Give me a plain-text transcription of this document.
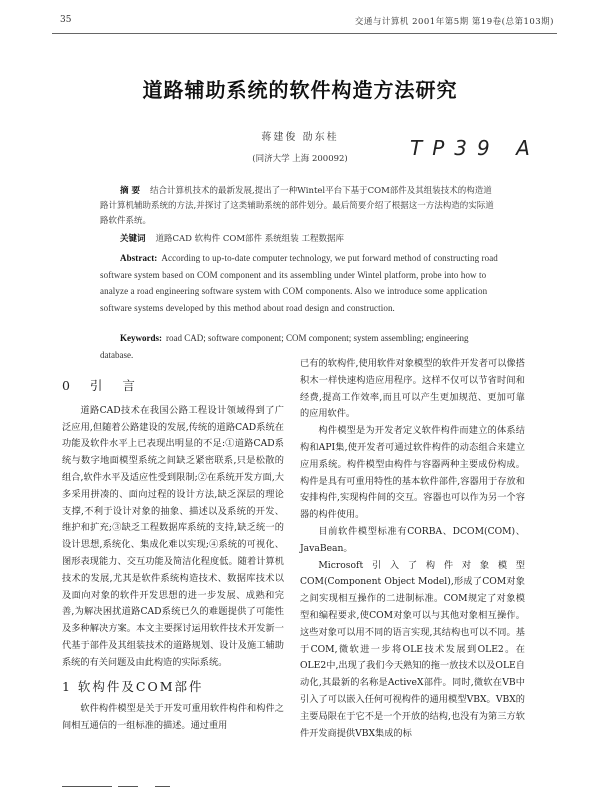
35	交通与计算机 2001年第5期 第19卷(总第103期)
道路辅助系统的软件构造方法研究
蒋建俊 劭东桂
(同济大学 上海 200092)	TP39 A
摘 要 结合计算机技术的最新发展,提出了一种Wintel平台下基于COM部件及其组装技术的构造道路计算机辅助系统的方法,并探讨了这类辅助系统的部件划分。最后简要介绍了根据这一方法构造的实际道路软件系统。
关键词 道路CAD 软构件 COM部件 系统组装 工程数据库
Abstract: According to up-to-date computer technology, we put forward method of constructing road software system based on COM component and its assembling under Wintel platform, probe into how to analyze a road engineering software system with COM components. Also we introduce some application software systems developed by this method about road design and construction.
Keywords: road CAD; software component; COM component; system assembling; engineering database.
0 引 言

道路CAD技术在我国公路工程设计领域得到了广泛应用,但随着公路建设的发展,传统的道路CAD系统在功能及软件水平上已表现出明显的不足:①道路CAD系统与数字地面模型系统之间缺乏紧密联系,只是松散的组合,软件水平及适应性受到限制;②在系统开发方面,大多采用拼凑的、面向过程的设计方法,缺乏深层的理论支撑,不利于设计对象的抽象、描述以及系统的开发、维护和扩充;③缺乏工程数据库系统的支持,缺乏统一的设计思想,系统化、集成化难以实现;④系统的可视化、图形表现能力、交互功能及简洁化程度低。随着计算机技术的发展,尤其是软件系统构造技术、数据库技术以及面向对象的软件开发思想的进一步发展、成熟和完善,为解决困扰道路CAD系统已久的难题提供了可能性及多种解决方案。本文主要探讨运用软件技术开发新一代基于部件及其组装技术的道路规划、设计及施工辅助系统的有关问题及由此构造的实际系统。

1 软构件及COM部件

软件构件模型是关于开发可重用软件构件和构件之间相互通信的一组标准的描述。通过重用

已有的软构件,使用软件对象模型的软件开发者可以像搭积木一样快速构造应用程序。这样不仅可以节省时间和经费,提高工作效率,而且可以产生更加规范、更加可靠的应用软件。

构件模型是为开发者定义软件构件而建立的体系结构和API集,使开发者可通过软件构件的动态组合来建立应用系统。构件模型由构件与容器两种主要成份构成。构件是具有可重用特性的基本软件部件,容器用于存放和安排构件,实现构件间的交互。容器也可以作为另一个容器的构件使用。

目前软件模型标准有CORBA、DCOM(COM)、JavaBean。

Microsoft引入了构件对象模型COM(Component Object Model),形成了COM对象之间实现相互操作的二进制标准。COM规定了对象模型和编程要求,使COM对象可以与其他对象相互操作。这些对象可以用不同的语言实现,其结构也可以不同。基于COM,微软进一步将OLE技术发展到OLE2。在OLE2中,出现了我们今天熟知的拖一放技术以及OLE自动化,其最新的名称是ActiveX部件。同时,微软在VB中引入了可以嵌入任何可视构件的通用模型VBX。VBX的主要局限在于它不是一个开放的结构,也没有为第三方软件开发商提供VBX集成的标
